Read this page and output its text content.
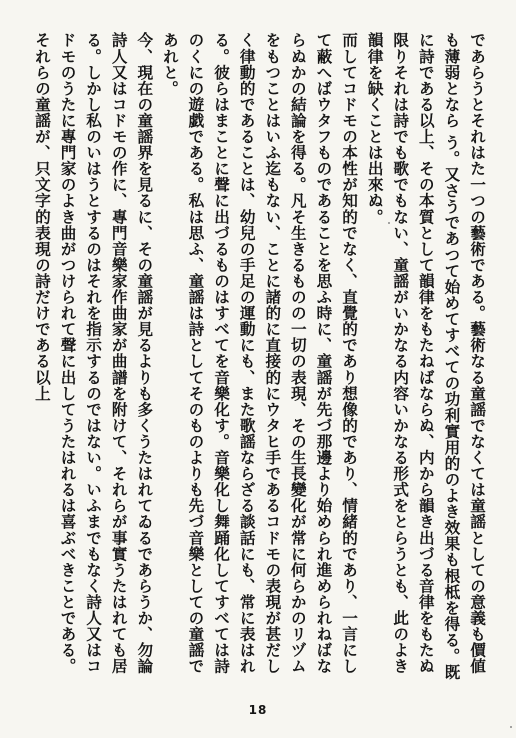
であらうとそれはた一つの藝術である。藝術なる童謡でなくては童謡としての意義も價値も薄弱となら う。又さうであつて始めてすべての功利實用的のよき效果も根柢を得る。既に詩である以上、その本質として韻律をもたねばならぬ、内から韻き出づる音律をもたぬ限りそれは詩でも歌でもない、童謡がいかなる内容いかなる形式をとらうとも、此のよき韻律を缺くことは出來ぬ。

而してコドモの本性が知的でなく、直覺的であり想像的であり、情緒的であり、一言にして蔽へばウタフものであることを思ふ時に、童謡が先づ那邊より始められ進められねばならぬかの結論を得る。凡そ生きるものの一切の表現、その生長變化が常に何らかのリヅムをもつことはいふ迄もない、ことに諸的に直接的にウタヒ手であるコドモの表現が甚だしく律動的であることは、幼兒の手足の運動にも、また歌謡ならざる談話にも、常に表はれる。彼らはまことに聲に出づるものはすべてを音樂化す。音樂化し舞踊化してすべては詩のくにの遊戯である。私は思ふ、童謡は詩としてそのものよりも先づ音樂としての童謡であれと。

今、現在の童謡界を見るに、その童謡が見るよりも多くうたはれてゐるであらうか、勿論詩人又はコドモの作に、專門音樂家作曲家が曲譜を附けて、それらが事實うたはれても居る。しかし私のいはうとするのはそれを指示するのではない。いふまでもなく詩人又はコドモのうたに專門家のよき曲がつけられて聲に出してうたはれるは喜ぶべきことである。それらの童謡が、只文字的表現の詩だけである以上

18
